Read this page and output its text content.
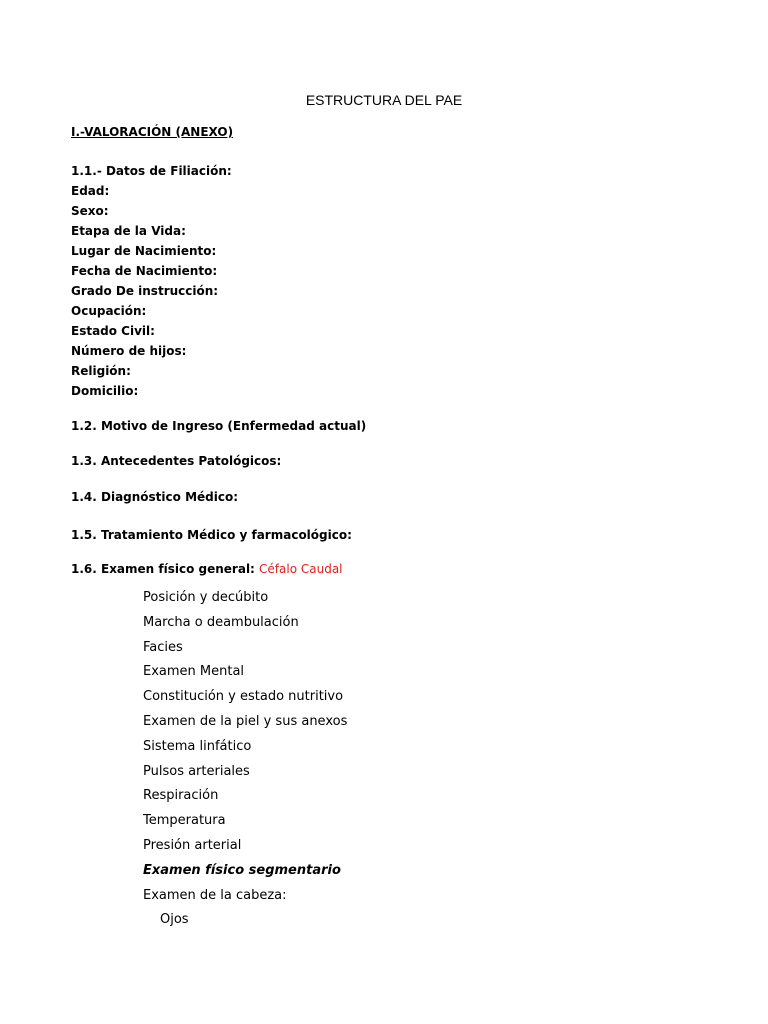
ESTRUCTURA DEL PAE
I.-VALORACIÓN (ANEXO)
1.1.- Datos de Filiación:
Edad:
Sexo:
Etapa de la Vida:
Lugar de Nacimiento:
Fecha de Nacimiento:
Grado De instrucción:
Ocupación:
Estado Civil:
Número de hijos:
Religión:
Domicilio:
1.2. Motivo de Ingreso (Enfermedad actual)
1.3. Antecedentes Patológicos:
1.4. Diagnóstico Médico:
1.5. Tratamiento Médico y farmacológico:
1.6. Examen físico general: Céfalo Caudal
Posición y decúbito
Marcha o deambulación
Facies
Examen Mental
Constitución y estado nutritivo
Examen de la piel y sus anexos
Sistema linfático
Pulsos arteriales
Respiración
Temperatura
Presión arterial
Examen físico segmentario
Examen de la cabeza:
Ojos
